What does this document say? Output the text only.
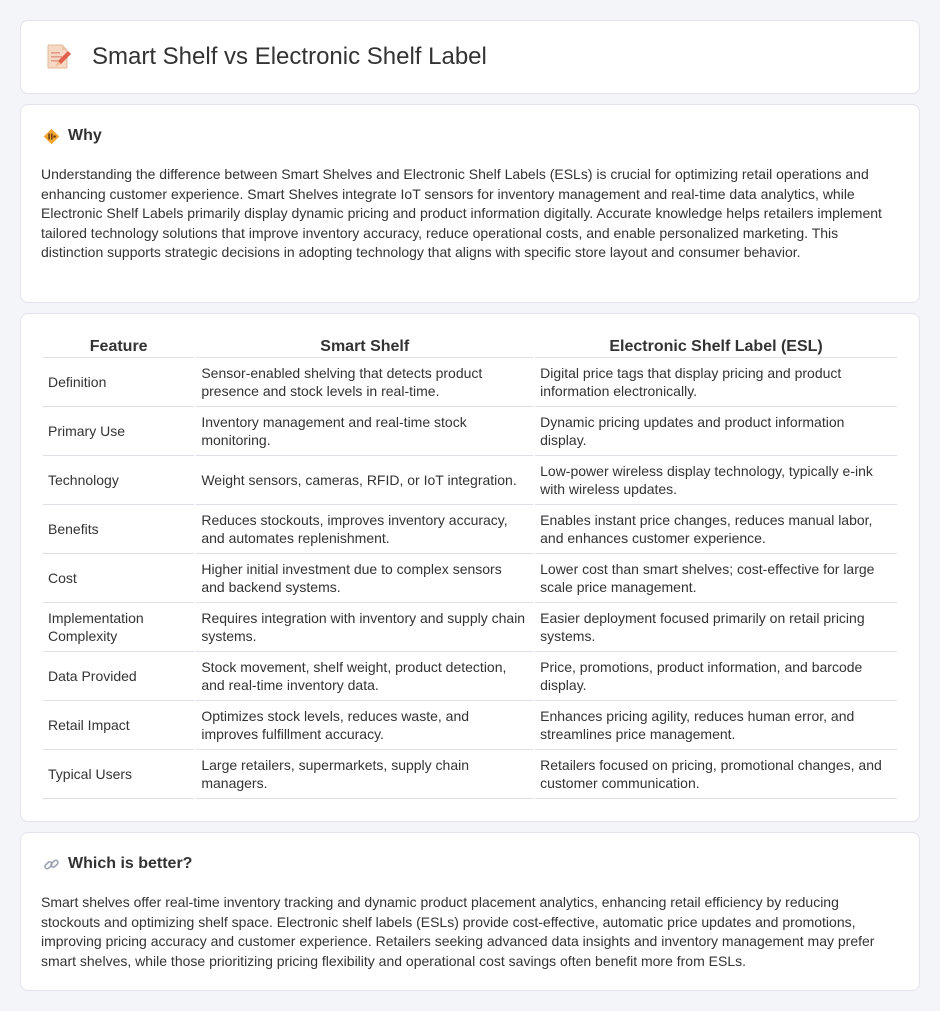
Smart Shelf vs Electronic Shelf Label
Why

Understanding the difference between Smart Shelves and Electronic Shelf Labels (ESLs) is crucial for optimizing retail operations and enhancing customer experience. Smart Shelves integrate IoT sensors for inventory management and real-time data analytics, while Electronic Shelf Labels primarily display dynamic pricing and product information digitally. Accurate knowledge helps retailers implement tailored technology solutions that improve inventory accuracy, reduce operational costs, and enable personalized marketing. This distinction supports strategic decisions in adopting technology that aligns with specific store layout and consumer behavior.

Feature	Smart Shelf	Electronic Shelf Label (ESL)
Definition	Sensor-enabled shelving that detects product presence and stock levels in real-time.	Digital price tags that display pricing and product information electronically.
Primary Use	Inventory management and real-time stock monitoring.	Dynamic pricing updates and product information display.
Technology	Weight sensors, cameras, RFID, or IoT integration.	Low-power wireless display technology, typically e-ink with wireless updates.
Benefits	Reduces stockouts, improves inventory accuracy, and automates replenishment.	Enables instant price changes, reduces manual labor, and enhances customer experience.
Cost	Higher initial investment due to complex sensors and backend systems.	Lower cost than smart shelves; cost-effective for large scale price management.
Implementation Complexity	Requires integration with inventory and supply chain systems.	Easier deployment focused primarily on retail pricing systems.
Data Provided	Stock movement, shelf weight, product detection, and real-time inventory data.	Price, promotions, product information, and barcode display.
Retail Impact	Optimizes stock levels, reduces waste, and improves fulfillment accuracy.	Enhances pricing agility, reduces human error, and streamlines price management.
Typical Users	Large retailers, supermarkets, supply chain managers.	Retailers focused on pricing, promotional changes, and customer communication.
Which is better?

Smart shelves offer real-time inventory tracking and dynamic product placement analytics, enhancing retail efficiency by reducing stockouts and optimizing shelf space. Electronic shelf labels (ESLs) provide cost-effective, automatic price updates and promotions, improving pricing accuracy and customer experience. Retailers seeking advanced data insights and inventory management may prefer smart shelves, while those prioritizing pricing flexibility and operational cost savings often benefit more from ESLs.
